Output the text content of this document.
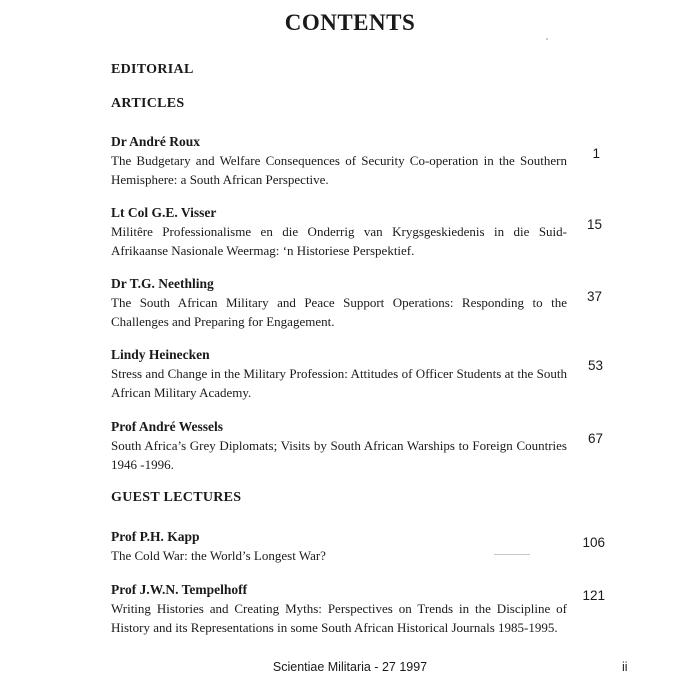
CONTENTS
EDITORIAL
ARTICLES
Dr André Roux
The Budgetary and Welfare Consequences of Security Co-operation in the Southern Hemisphere: a South African Perspective.
1
Lt Col G.E. Visser
Militêre Professionalisme en die Onderrig van Krygsgeskiedenis in die Suid-Afrikaanse Nasionale Weermag: ‘n Historiese Perspektief.
15
Dr T.G. Neethling
The South African Military and Peace Support Operations: Responding to the Challenges and Preparing for Engagement.
37
Lindy Heinecken
Stress and Change in the Military Profession: Attitudes of Officer Students at the South African Military Academy.
53
Prof André Wessels
South Africa’s Grey Diplomats; Visits by South African Warships to Foreign Countries 1946 -1996.
67
GUEST LECTURES
Prof P.H. Kapp
The Cold War: the World’s Longest War?
106
Prof J.W.N. Tempelhoff
Writing Histories and Creating Myths: Perspectives on Trends in the Discipline of History and its Representations in some South African Historical Journals 1985-1995.
121
Scientiae Militaria - 27 1997	ii
